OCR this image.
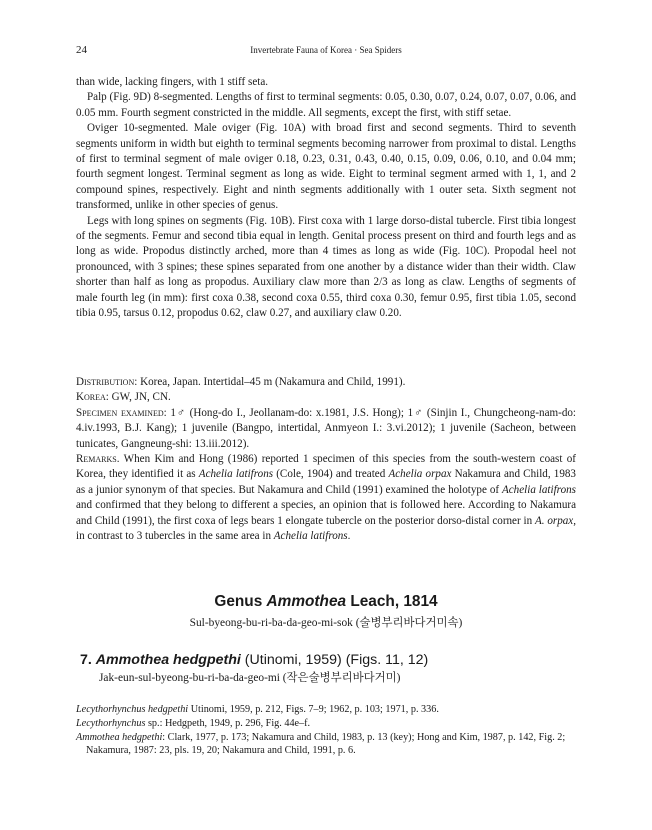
24	Invertebrate Fauna of Korea · Sea Spiders

than wide, lacking fingers, with 1 stiff seta.

Palp (Fig. 9D) 8-segmented. Lengths of first to terminal segments: 0.05, 0.30, 0.07, 0.24, 0.07, 0.07, 0.06, and 0.05 mm. Fourth segment constricted in the middle. All segments, except the first, with stiff setae.

Oviger 10-segmented. Male oviger (Fig. 10A) with broad first and second segments. Third to seventh segments uniform in width but eighth to terminal segments becoming narrower from proximal to distal. Lengths of first to terminal segment of male oviger 0.18, 0.23, 0.31, 0.43, 0.40, 0.15, 0.09, 0.06, 0.10, and 0.04 mm; fourth segment longest. Terminal segment as long as wide. Eight to terminal segment armed with 1, 1, and 2 compound spines, respectively. Eight and ninth segments additionally with 1 outer seta. Sixth segment not transformed, unlike in other species of genus.

Legs with long spines on segments (Fig. 10B). First coxa with 1 large dorso-distal tubercle. First tibia longest of the segments. Femur and second tibia equal in length. Genital process present on third and fourth legs and as long as wide. Propodus distinctly arched, more than 4 times as long as wide (Fig. 10C). Propodal heel not pronounced, with 3 spines; these spines separated from one another by a distance wider than their width. Claw shorter than half as long as propodus. Auxiliary claw more than 2/3 as long as claw. Lengths of segments of male fourth leg (in mm): first coxa 0.38, second coxa 0.55, third coxa 0.30, femur 0.95, first tibia 1.05, second tibia 0.95, tarsus 0.12, propodus 0.62, claw 0.27, and auxiliary claw 0.20.

Distribution: Korea, Japan. Intertidal–45 m (Nakamura and Child, 1991).

Korea: GW, JN, CN.

Specimen examined: 1♂ (Hong-do I., Jeollanam-do: x.1981, J.S. Hong); 1♂ (Sinjin I., Chungcheong-nam-do: 4.iv.1993, B.J. Kang); 1 juvenile (Bangpo, intertidal, Anmyeon I.: 3.vi.2012); 1 juvenile (Sacheon, between tunicates, Gangneung-shi: 13.iii.2012).

Remarks. When Kim and Hong (1986) reported 1 specimen of this species from the south-western coast of Korea, they identified it as Achelia latifrons (Cole, 1904) and treated Achelia orpax Nakamura and Child, 1983 as a junior synonym of that species. But Nakamura and Child (1991) examined the holotype of Achelia latifrons and confirmed that they belong to different a species, an opinion that is followed here. According to Nakamura and Child (1991), the first coxa of legs bears 1 elongate tubercle on the posterior dorso-distal corner in A. orpax, in contrast to 3 tubercles in the same area in Achelia latifrons.

Genus Ammothea Leach, 1814
Sul-byeong-bu-ri-ba-da-geo-mi-sok (술병부리바다거미속)
7. Ammothea hedgpethi (Utinomi, 1959) (Figs. 11, 12)
Jak-eun-sul-byeong-bu-ri-ba-da-geo-mi (작은술병부리바다거미)

Lecythorhynchus hedgpethi Utinomi, 1959, p. 212, Figs. 7–9; 1962, p. 103; 1971, p. 336.

Lecythorhynchus sp.: Hedgpeth, 1949, p. 296, Fig. 44e–f.

Ammothea hedgpethi: Clark, 1977, p. 173; Nakamura and Child, 1983, p. 13 (key); Hong and Kim, 1987, p. 142, Fig. 2; Nakamura, 1987: 23, pls. 19, 20; Nakamura and Child, 1991, p. 6.
